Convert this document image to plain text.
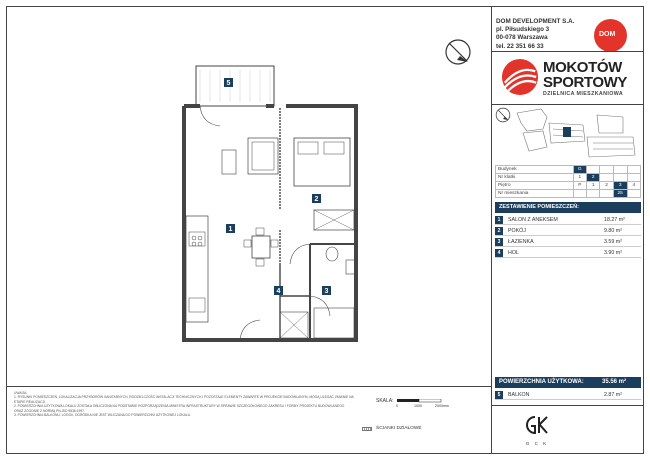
DOM DEVELOPMENT S.A.
pl. Piłsudskiego 3
00-078 Warszawa
tel. 22 351 66 33
DOM
MOKOTÓW
SPORTOWY
DZIELNICA MIESZKANIOWA
Budynek	G				
Nr klatki	1	2			
Piętro	P	1	2	3	4
Nr mieszkania				25	
ZESTAWIENIE POMIESZCZEŃ:
1	SALON Z ANEKSEM	18.27 m²
2	POKÓJ	9.80 m²
3	ŁAZIENKA	3.59 m²
4	HOL	3.90 m²
POWIERZCHNIA UŻYTKOWA:	35.56 m²
5	BALKON	2.87 m²
G C K
5
1
2
3
4
UWAGA:
1. RYSUNKI POMIESZCZEŃ, LOKALIZACJA PRZYBORÓW SANITARNYCH, RODZIELCZOŚĆ INSTALACJI TECHNICZNYCH I POZOSTAŁE ELEMENTY ZAWARTE W PROJEKCIE BUDOWLANYM, MOGĄ ULEGAĆ ZMIANIE NA ETAPIE REALIZACJI.
2. POWIERZCHNIA UŻYTKOWA LOKALU ZOSTAŁA OBLICZONA NA PODSTAWIE ROZPORZĄDZENIA MINISTRA INFRASTRUKTURY W SPRAWIE SZCZEGÓŁOWEGO ZAKRESU I FORMY PROJEKTU BUDOWLANEGO ORAZ ZGODNIE Z NORMĄ PN-ISO 9836:1997.
3. POWIERZCHNIA BALKONU, LOGGII, OGRÓDKA NIE JEST WLICZANA DO POWIERZCHNI UŻYTKOWEJ LOKALU.
SKALA:
0	1000	2000mm
ŚCIANKI DZIAŁOWE
